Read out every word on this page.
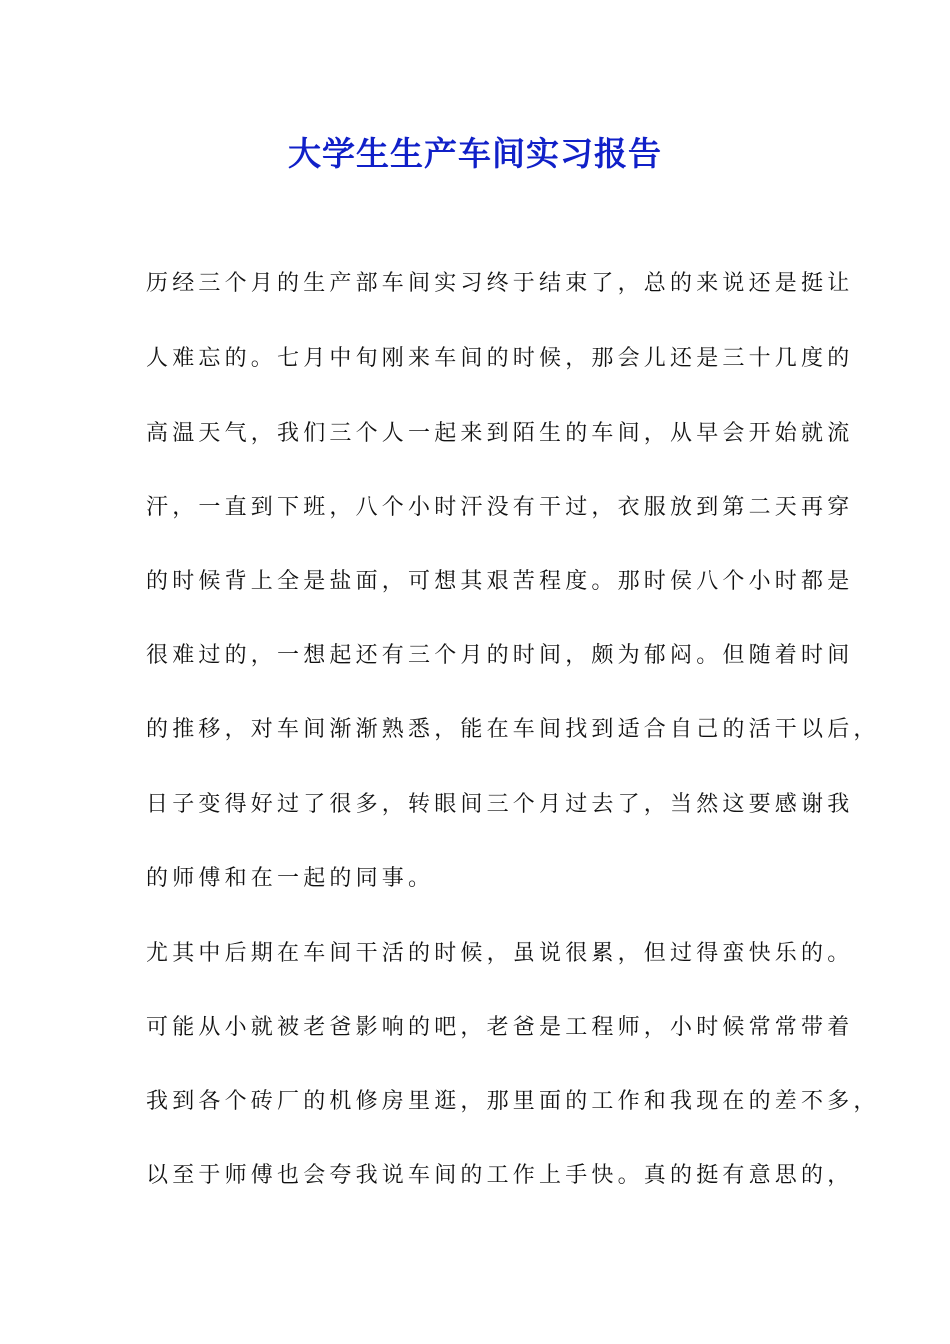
大学生生产车间实习报告

历经三个月的生产部车间实习终于结束了，总的来说还是挺让

人难忘的。七月中旬刚来车间的时候，那会儿还是三十几度的

高温天气，我们三个人一起来到陌生的车间，从早会开始就流

汗，一直到下班，八个小时汗没有干过，衣服放到第二天再穿

的时候背上全是盐面，可想其艰苦程度。那时侯八个小时都是

很难过的，一想起还有三个月的时间，颇为郁闷。但随着时间

的推移，对车间渐渐熟悉，能在车间找到适合自己的活干以后，

日子变得好过了很多，转眼间三个月过去了，当然这要感谢我

的师傅和在一起的同事。

尤其中后期在车间干活的时候，虽说很累，但过得蛮快乐的。

可能从小就被老爸影响的吧，老爸是工程师，小时候常常带着

我到各个砖厂的机修房里逛，那里面的工作和我现在的差不多，

以至于师傅也会夸我说车间的工作上手快。真的挺有意思的，
